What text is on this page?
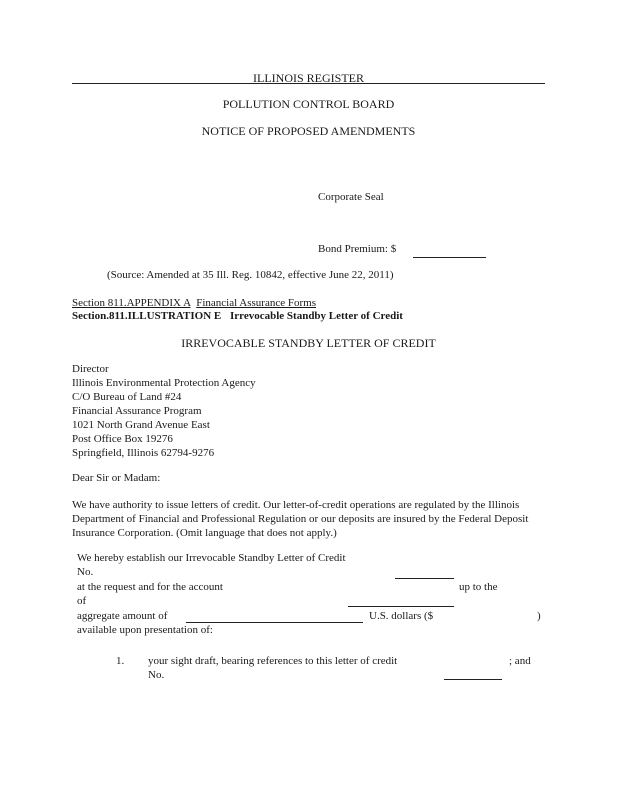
ILLINOIS REGISTER
POLLUTION CONTROL BOARD
NOTICE OF PROPOSED AMENDMENTS
Corporate Seal
Bond Premium: $
(Source: Amended at 35 Ill. Reg. 10842, effective June 22, 2011)
Section 811.APPENDIX A Financial Assurance Forms
Section.811.ILLUSTRATION E Irrevocable Standby Letter of Credit
IRREVOCABLE STANDBY LETTER OF CREDIT
Director
Illinois Environmental Protection Agency
C/O Bureau of Land #24
Financial Assurance Program
1021 North Grand Avenue East
Post Office Box 19276
Springfield, Illinois 62794-9276
Dear Sir or Madam:
We have authority to issue letters of credit. Our letter-of-credit operations are regulated by the Illinois Department of Financial and Professional Regulation or our deposits are insured by the Federal Deposit Insurance Corporation. (Omit language that does not apply.)
We hereby establish our Irrevocable Standby Letter of Credit
No.
at the request and for the account	up to the
of
aggregate amount of	U.S. dollars ($	)
available upon presentation of:
1. your sight draft, bearing references to this letter of credit	; and
No.
